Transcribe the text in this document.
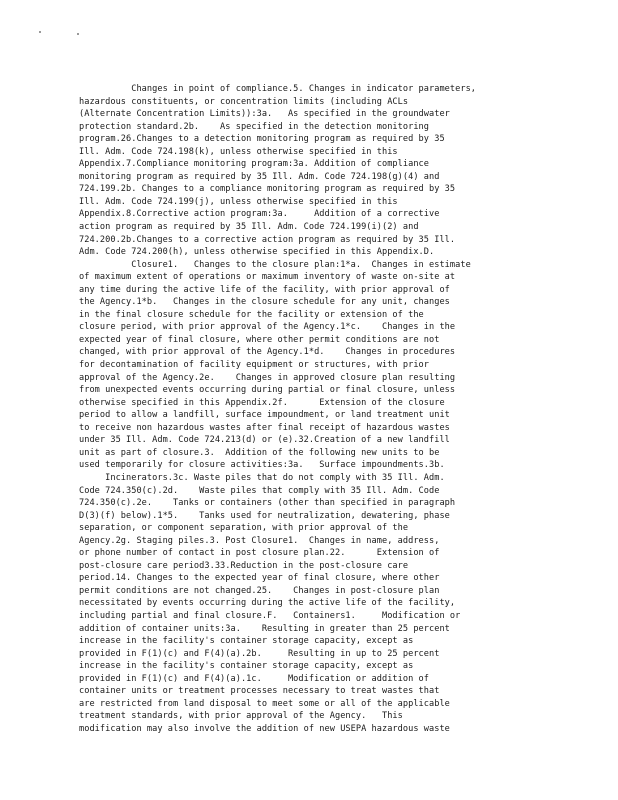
Changes in point of compliance.5. Changes in indicator parameters,
hazardous constituents, or concentration limits (including ACLs
(Alternate Concentration Limits)):3a.   As specified in the groundwater
protection standard.2b.    As specified in the detection monitoring
program.26.Changes to a detection monitoring program as required by 35
Ill. Adm. Code 724.198(k), unless otherwise specified in this
Appendix.7.Compliance monitoring program:3a. Addition of compliance
monitoring program as required by 35 Ill. Adm. Code 724.198(g)(4) and
724.199.2b. Changes to a compliance monitoring program as required by 35
Ill. Adm. Code 724.199(j), unless otherwise specified in this
Appendix.8.Corrective action program:3a.     Addition of a corrective
action program as required by 35 Ill. Adm. Code 724.199(i)(2) and
724.200.2b.Changes to a corrective action program as required by 35 Ill.
Adm. Code 724.200(h), unless otherwise specified in this Appendix.D.
Closure1.   Changes to the closure plan:1*a.  Changes in estimate
of maximum extent of operations or maximum inventory of waste on-site at
any time during the active life of the facility, with prior approval of
the Agency.1*b.   Changes in the closure schedule for any unit, changes
in the final closure schedule for the facility or extension of the
closure period, with prior approval of the Agency.1*c.    Changes in the
expected year of final closure, where other permit conditions are not
changed, with prior approval of the Agency.1*d.    Changes in procedures
for decontamination of facility equipment or structures, with prior
approval of the Agency.2e.    Changes in approved closure plan resulting
from unexpected events occurring during partial or final closure, unless
otherwise specified in this Appendix.2f.      Extension of the closure
period to allow a landfill, surface impoundment, or land treatment unit
to receive non hazardous wastes after final receipt of hazardous wastes
under 35 Ill. Adm. Code 724.213(d) or (e).32.Creation of a new landfill
unit as part of closure.3.  Addition of the following new units to be
used temporarily for closure activities:3a.   Surface impoundments.3b.
Incinerators.3c. Waste piles that do not comply with 35 Ill. Adm.
Code 724.350(c).2d.    Waste piles that comply with 35 Ill. Adm. Code
724.350(c).2e.    Tanks or containers (other than specified in paragraph
D(3)(f) below).1*5.    Tanks used for neutralization, dewatering, phase
separation, or component separation, with prior approval of the
Agency.2g. Staging piles.3. Post Closure1.  Changes in name, address,
or phone number of contact in post closure plan.22.      Extension of
post-closure care period3.33.Reduction in the post-closure care
period.14. Changes to the expected year of final closure, where other
permit conditions are not changed.25.    Changes in post-closure plan
necessitated by events occurring during the active life of the facility,
including partial and final closure.F.   Containers1.     Modification or
addition of container units:3a.    Resulting in greater than 25 percent
increase in the facility's container storage capacity, except as
provided in F(1)(c) and F(4)(a).2b.     Resulting in up to 25 percent
increase in the facility's container storage capacity, except as
provided in F(1)(c) and F(4)(a).1c.     Modification or addition of
container units or treatment processes necessary to treat wastes that
are restricted from land disposal to meet some or all of the applicable
treatment standards, with prior approval of the Agency.   This
modification may also involve the addition of new USEPA hazardous waste
